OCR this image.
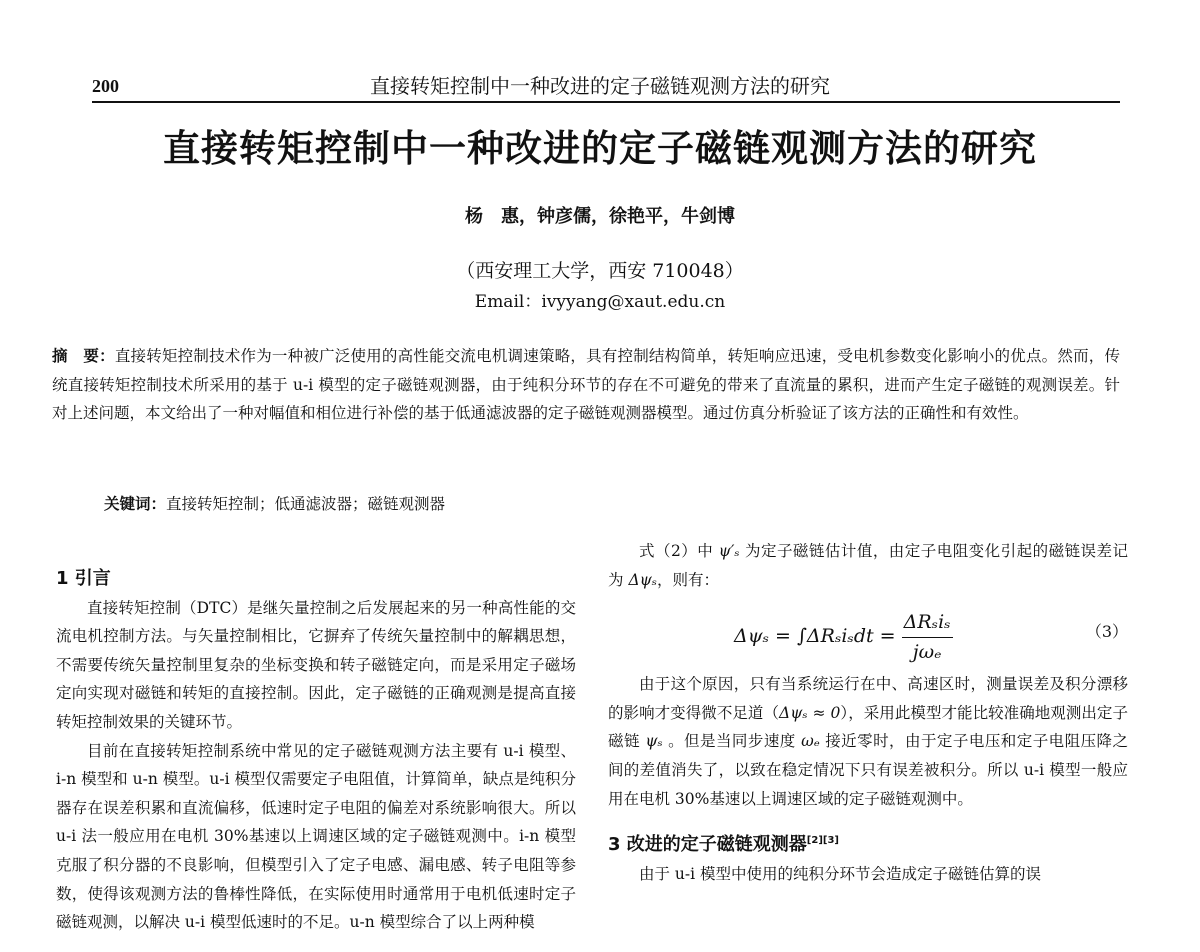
200	直接转矩控制中一种改进的定子磁链观测方法的研究
直接转矩控制中一种改进的定子磁链观测方法的研究
杨　惠，钟彦儒，徐艳平，牛剑博
（西安理工大学，西安 710048）
Email：ivyyang@xaut.edu.cn
摘　要：直接转矩控制技术作为一种被广泛使用的高性能交流电机调速策略，具有控制结构简单，转矩响应迅速，受电机参数变化影响小的优点。然而，传统直接转矩控制技术所采用的基于 u-i 模型的定子磁链观测器，由于纯积分环节的存在不可避免的带来了直流量的累积，进而产生定子磁链的观测误差。针对上述问题，本文给出了一种对幅值和相位进行补偿的基于低通滤波器的定子磁链观测器模型。通过仿真分析验证了该方法的正确性和有效性。
关键词：直接转矩控制；低通滤波器；磁链观测器
1 引言

直接转矩控制（DTC）是继矢量控制之后发展起来的另一种高性能的交流电机控制方法。与矢量控制相比，它摒弃了传统矢量控制中的解耦思想，不需要传统矢量控制里复杂的坐标变换和转子磁链定向，而是采用定子磁场定向实现对磁链和转矩的直接控制。因此，定子磁链的正确观测是提高直接转矩控制效果的关键环节。

目前在直接转矩控制系统中常见的定子磁链观测方法主要有 u-i 模型、i-n 模型和 u-n 模型。u-i 模型仅需要定子电阻值，计算简单，缺点是纯积分器存在误差积累和直流偏移，低速时定子电阻的偏差对系统影响很大。所以 u-i 法一般应用在电机 30%基速以上调速区域的定子磁链观测中。i-n 模型克服了积分器的不良影响，但模型引入了定子电感、漏电感、转子电阻等参数，使得该观测方法的鲁棒性降低，在实际使用时通常用于电机低速时定子磁链观测，以解决 u-i 模型低速时的不足。u-n 模型综合了以上两种模

式（2）中 ψ′ₛ 为定子磁链估计值，由定子电阻变化引起的磁链误差记为 Δψₛ，则有：

$\Delta\psi_s = \int\Delta R_si_sdt = \frac{\text{ΔRₛiₛ}}{\text{jωₑ}}$	（3）

由于这个原因，只有当系统运行在中、高速区时，测量误差及积分漂移的影响才变得微不足道（Δψₛ ≈ 0），采用此模型才能比较准确地观测出定子磁链 ψₛ 。但是当同步速度 ωₑ 接近零时，由于定子电压和定子电阻压降之间的差值消失了，以致在稳定情况下只有误差被积分。所以 u-i 模型一般应用在电机 30%基速以上调速区域的定子磁链观测中。

3 改进的定子磁链观测器[2][3]

由于 u-i 模型中使用的纯积分环节会造成定子磁链估算的误
